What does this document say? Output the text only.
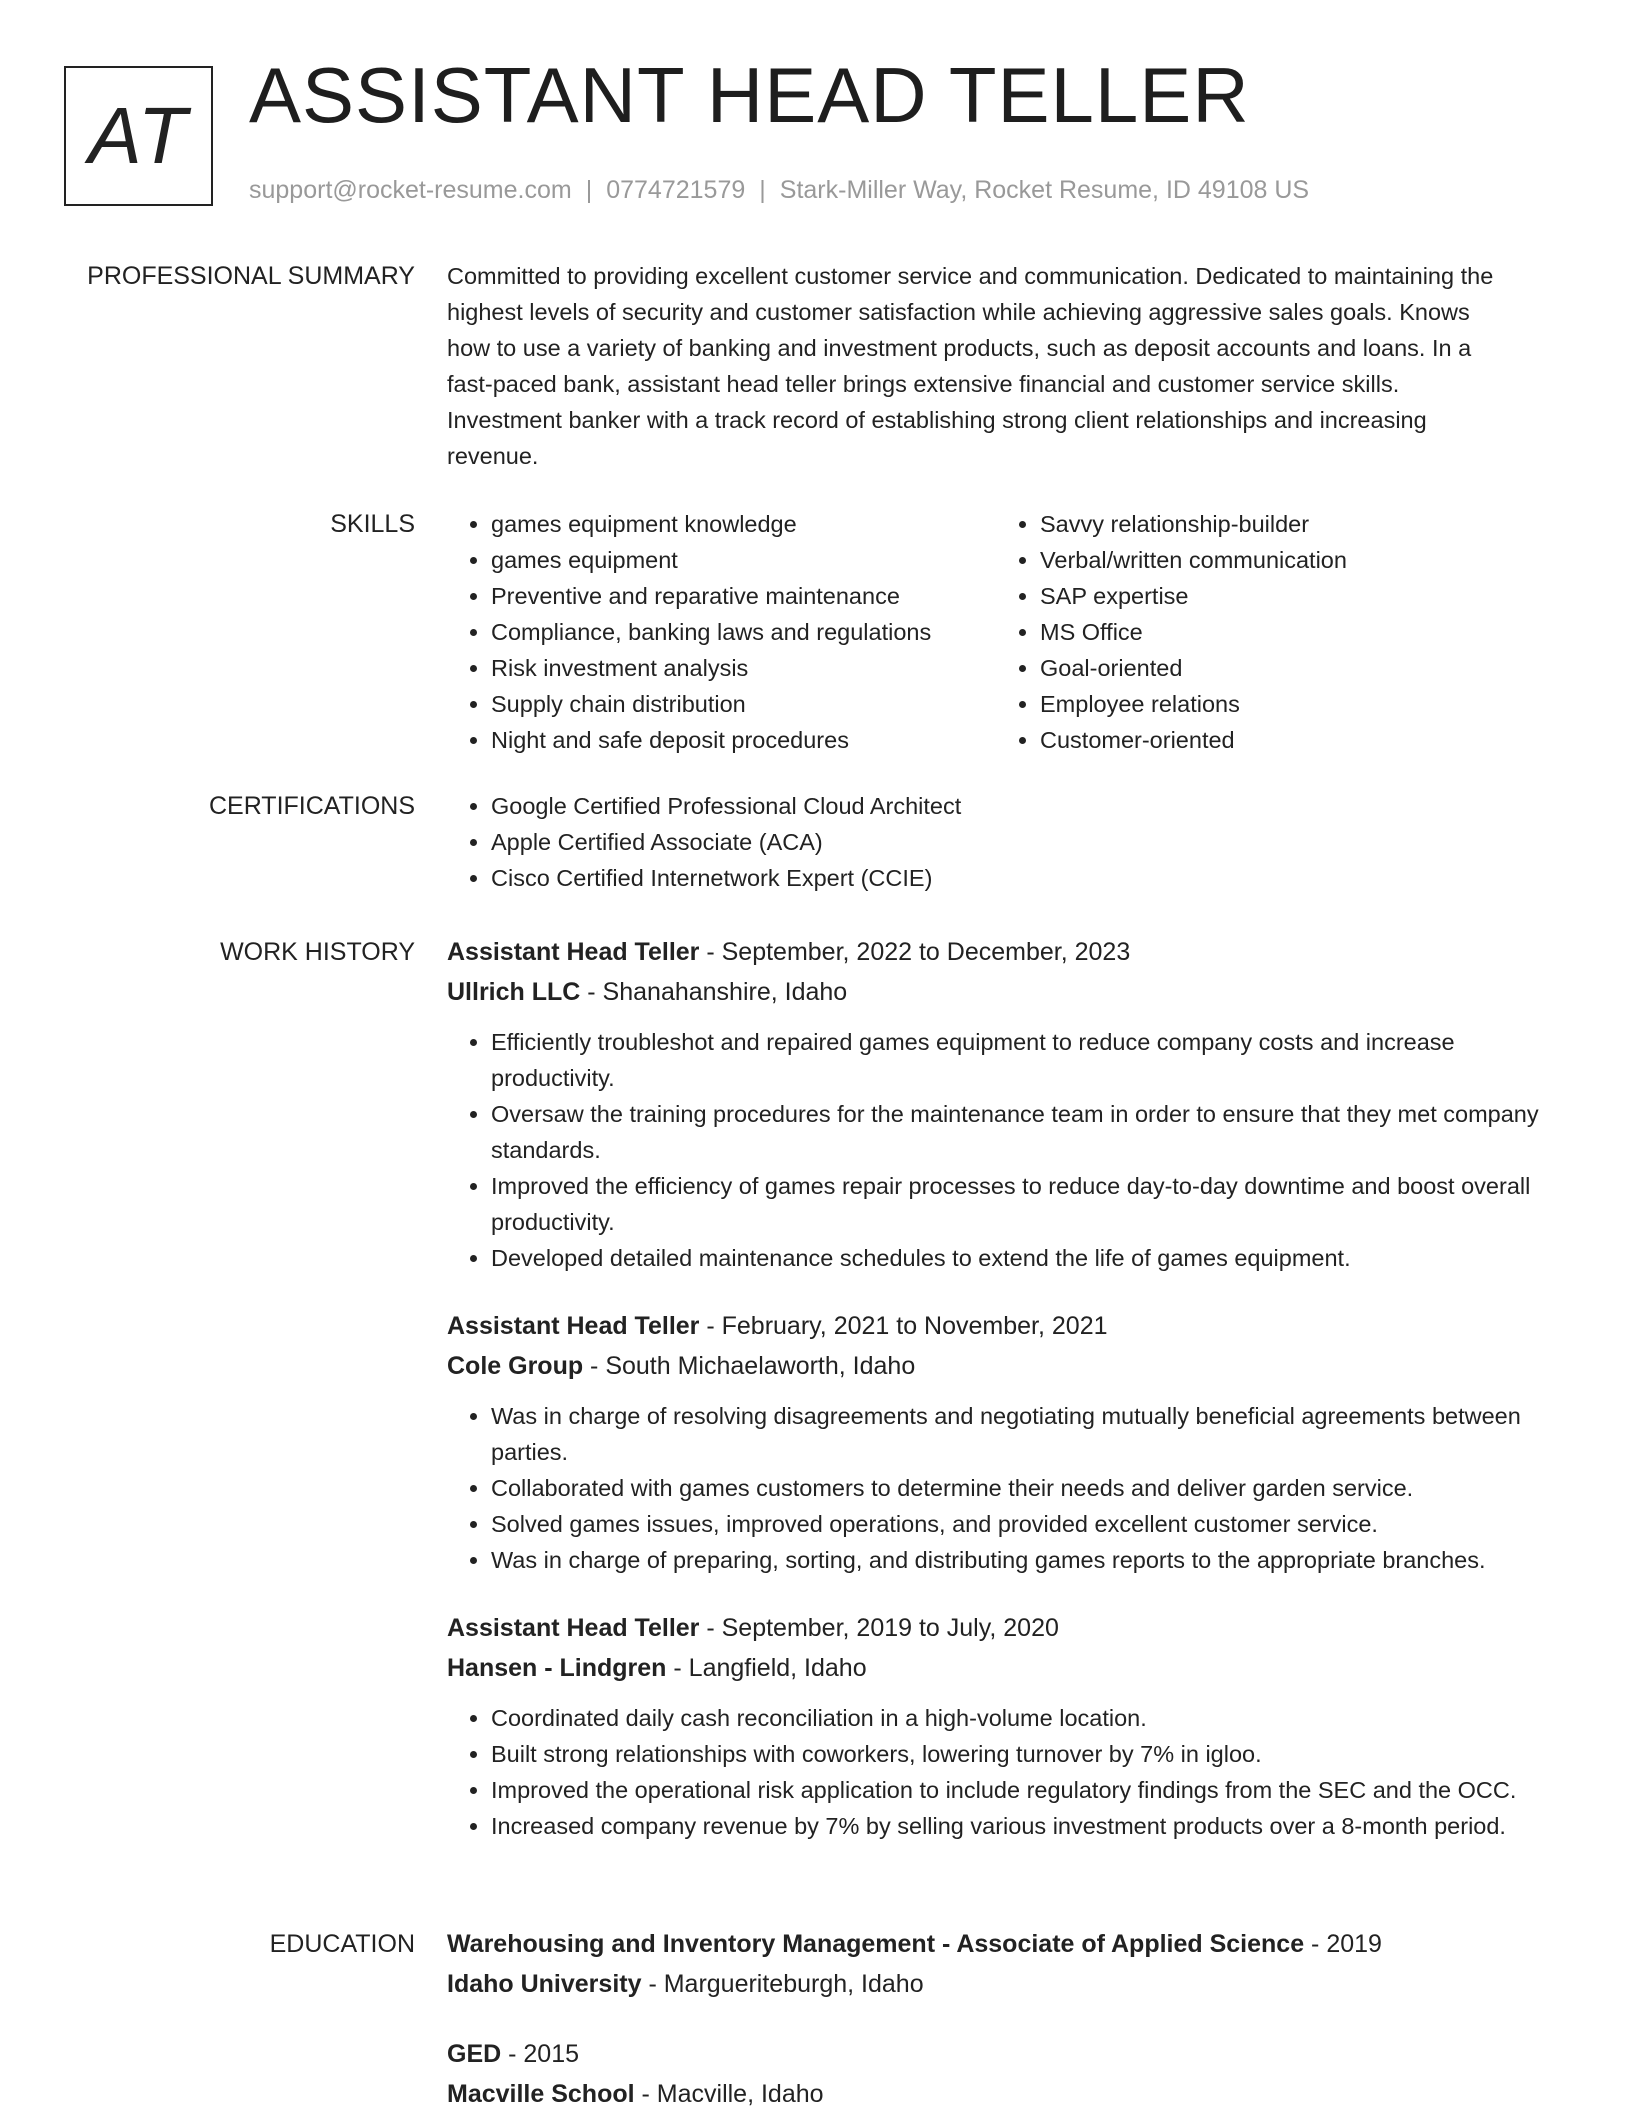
AT ASSISTANT HEAD TELLER
support@rocket-resume.com | 0774721579 | Stark-Miller Way, Rocket Resume, ID 49108 US
PROFESSIONAL SUMMARY Committed to providing excellent customer service and communication. Dedicated to maintaining the
highest levels of security and customer satisfaction while achieving aggressive sales goals. Knows
how to use a variety of banking and investment products, such as deposit accounts and loans. In a
fast-paced bank, assistant head teller brings extensive financial and customer service skills.
Investment banker with a track record of establishing strong client relationships and increasing
revenue.
SKILLS	• games equipment knowledge
• games equipment
• Preventive and reparative maintenance
• Compliance, banking laws and regulations
• Risk investment analysis
• Supply chain distribution
• Night and safe deposit procedures
• Savvy relationship-builder
• Verbal/written communication
• SAP expertise
• MS Office
• Goal-oriented
• Employee relations
• Customer-oriented
CERTIFICATIONS	• Google Certified Professional Cloud Architect
• Apple Certified Associate (ACA)
• Cisco Certified Internetwork Expert (CCIE)
WORK HISTORY Assistant Head Teller - September, 2022 to December, 2023
Ullrich LLC - Shanahanshire, Idaho
• Efficiently troubleshot and repaired games equipment to reduce company costs and increase productivity.
• Oversaw the training procedures for the maintenance team in order to ensure that they met company standards.
• Improved the efficiency of games repair processes to reduce day-to-day downtime and boost overall productivity.
• Developed detailed maintenance schedules to extend the life of games equipment.
Assistant Head Teller - February, 2021 to November, 2021
Cole Group - South Michaelaworth, Idaho
• Was in charge of resolving disagreements and negotiating mutually beneficial agreements between parties.
• Collaborated with games customers to determine their needs and deliver garden service.
• Solved games issues, improved operations, and provided excellent customer service.
• Was in charge of preparing, sorting, and distributing games reports to the appropriate branches.
Assistant Head Teller - September, 2019 to July, 2020
Hansen - Lindgren - Langfield, Idaho
• Coordinated daily cash reconciliation in a high-volume location.
• Built strong relationships with coworkers, lowering turnover by 7% in igloo.
• Improved the operational risk application to include regulatory findings from the SEC and the OCC.
• Increased company revenue by 7% by selling various investment products over a 8-month period.
EDUCATION Warehousing and Inventory Management - Associate of Applied Science - 2019
Idaho University - Margueriteburgh, Idaho
GED - 2015
Macville School - Macville, Idaho
